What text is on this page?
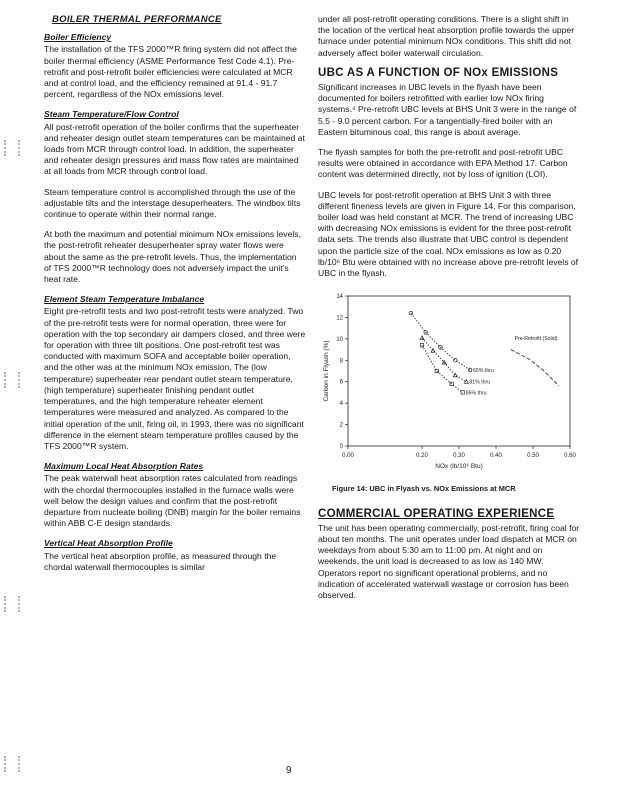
BOILER THERMAL PERFORMANCE
Boiler Efficiency

The installation of the TFS 2000™R firing system did not affect the boiler thermal efficiency (ASME Performance Test Code 4.1). Pre-retrofit and post-retrofit boiler efficiencies were calculated at MCR and at control load, and the efficiency remained at 91.4 - 91.7 percent, regardless of the NOx emissions level.

Steam Temperature/Flow Control

All post-retrofit operation of the boiler confirms that the superheater and reheater design outlet steam temperatures can be maintained at loads from MCR through control load. In addition, the superheater and reheater design pressures and mass flow rates are maintained at all loads from MCR through control load.

Steam temperature control is accomplished through the use of the adjustable tilts and the interstage desuperheaters. The windbox tilts continue to operate within their normal range.

At both the maximum and potential minimum NOx emissions levels, the post-retrofit reheater desuperheater spray water flows were about the same as the pre-retrofit levels. Thus, the implementation of TFS 2000™R technology does not adversely impact the unit's heat rate.

Element Steam Temperature Imbalance

Eight pre-retrofit tests and two post-retrofit tests were analyzed. Two of the pre-retrofit tests were for normal operation, three were for operation with the top secondary air dampers closed, and three were for operation with three tilt positions. One post-retrofit test was conducted with maximum SOFA and acceptable boiler operation, and the other was at the minimum NOx emission. The (low temperature) superheater rear pendant outlet steam temperature, (high temperature) superheater finishing pendant outlet temperatures, and the high temperature reheater element temperatures were measured and analyzed. As compared to the initial operation of the unit, firing oil, in 1993, there was no significant difference in the element steam temperature profiles caused by the TFS 2000™R system.

Maximum Local Heat Absorption Rates

The peak waterwall heat absorption rates calculated from readings with the chordal thermocouples installed in the furnace walls were well below the design values and confirm that the post-retrofit departure from nucleate boiling (DNB) margin for the boiler remains within ABB C-E design standards.

Vertical Heat Absorption Profile

The vertical heat absorption profile, as measured through the chordal waterwall thermocouples is similar

under all post-retrofit operating conditions. There is a slight shift in the location of the vertical heat absorption profile towards the upper furnace under potential minimum NOx conditions. This shift did not adversely affect boiler waterwall circulation.

UBC AS A FUNCTION OF NOx EMISSIONS

Significant increases in UBC levels in the flyash have been documented for boilers retrofitted with earlier low NOx firing systems.⁴ Pre-retrofit UBC levels at BHS Unit 3 were in the range of 5.5 - 9.0 percent carbon. For a tangentially-fired boiler with an Eastern bituminous coal, this range is about average.

The flyash samples for both the pre-retrofit and post-retrofit UBC results were obtained in accordance with EPA Method 17. Carbon content was determined directly, not by loss of ignition (LOI).

UBC levels for post-retrofit operation at BHS Unit 3 with three different fineness levels are given in Figure 14. For this comparison, boiler load was held constant at MCR. The trend of increasing UBC with decreasing NOx emissions is evident for the three post-retrofit data sets. The trends also illustrate that UBC control is dependent upon the particle size of the coal. NOx emissions as low as 0.20 lb/10⁶ Btu were obtained with no increase above pre-retrofit levels of UBC in the flyash.

0.00	0.20	0.30	0.40	0.50	0.60
0
2
4
6
8
10
12
14
NOx (lb/10⁶ Btu)
Carbon in Flyash (%)
Pre-Retrofit (Solid)
65% thru
81% thru
85% thru
Figure 14: UBC in Flyash vs. NOx Emissions at MCR
COMMERCIAL OPERATING EXPERIENCE

The unit has been operating commercially, post-retrofit, firing coal for about ten months. The unit operates under load dispatch at MCR on weekdays from about 5:30 am to 11:00 pm. At night and on weekends, the unit load is decreased to as low as 140 MW. Operators report no significant operational problems, and no indication of accelerated waterwall wastage or corrosion has been observed.

9
